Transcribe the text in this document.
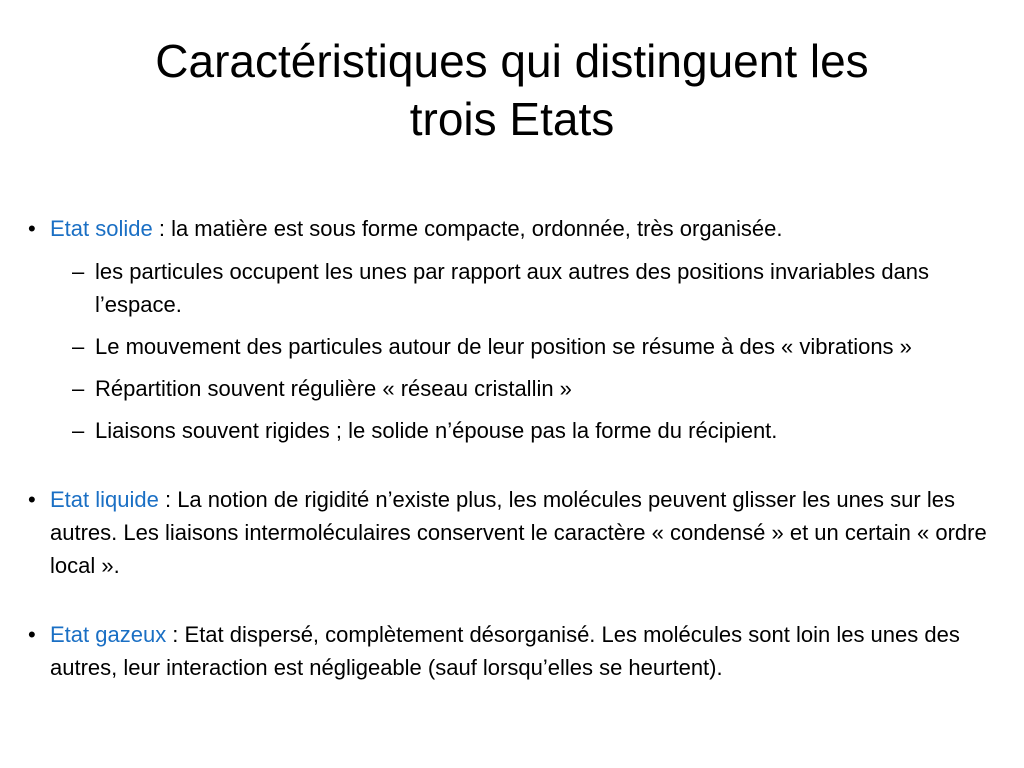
Caractéristiques qui distinguent les
trois Etats
• Etat solide : la matière est sous forme compacte, ordonnée, très organisée.
– les particules occupent les unes par rapport aux autres des positions invariables dans l’espace.
– Le mouvement des particules autour de leur position se résume à des « vibrations »
– Répartition souvent régulière « réseau cristallin »
– Liaisons souvent rigides ; le solide n’épouse pas la forme du récipient.
• Etat liquide : La notion de rigidité n’existe plus, les molécules peuvent glisser les unes sur les autres. Les liaisons intermoléculaires conservent le caractère « condensé » et un certain « ordre local ».
• Etat gazeux : Etat dispersé, complètement désorganisé. Les molécules sont loin les unes des autres, leur interaction est négligeable (sauf lorsqu’elles se heurtent).
